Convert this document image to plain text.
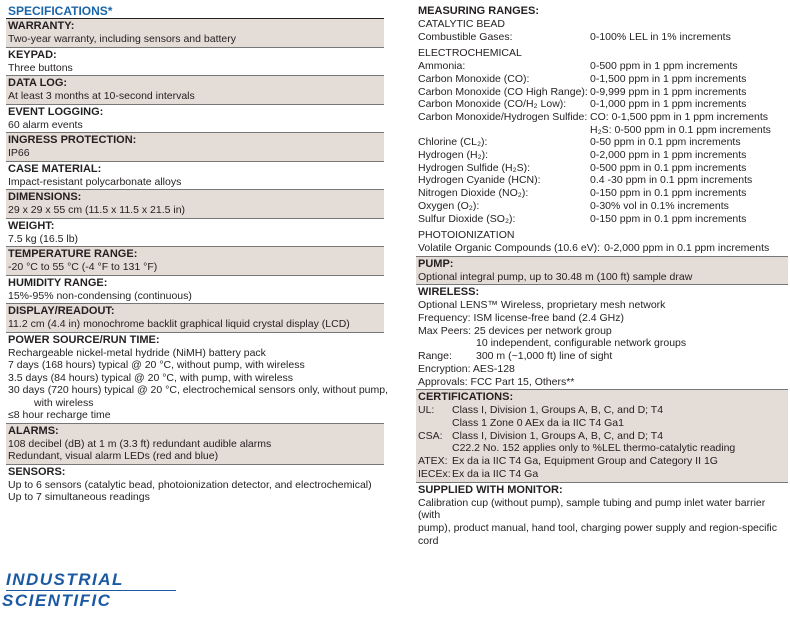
SPECIFICATIONS*
WARRANTY:
Two-year warranty, including sensors and battery
KEYPAD:
Three buttons
DATA LOG:
At least 3 months at 10-second intervals
EVENT LOGGING:
60 alarm events
INGRESS PROTECTION:
IP66
CASE MATERIAL:
Impact-resistant polycarbonate alloys
DIMENSIONS:
29 x 29 x 55 cm (11.5 x 11.5 x 21.5 in)
WEIGHT:
7.5 kg (16.5 lb)
TEMPERATURE RANGE:
-20 °C to 55 °C (-4 °F to 131 °F)
HUMIDITY RANGE:
15%-95% non-condensing (continuous)
DISPLAY/READOUT:
11.2 cm (4.4 in) monochrome backlit graphical liquid crystal display (LCD)
POWER SOURCE/RUN TIME:
Rechargeable nickel-metal hydride (NiMH) battery pack
7 days (168 hours) typical @ 20 °C, without pump, with wireless
3.5 days (84 hours) typical @ 20 °C, with pump, with wireless
30 days (720 hours) typical @ 20 °C, electrochemical sensors only, without pump,
with wireless
≤8 hour recharge time
ALARMS:
108 decibel (dB) at 1 m (3.3 ft) redundant audible alarms
Redundant, visual alarm LEDs (red and blue)
SENSORS:
Up to 6 sensors (catalytic bead, photoionization detector, and electrochemical)
Up to 7 simultaneous readings
MEASURING RANGES:
CATALYTIC BEAD
Combustible Gases:	0-100% LEL in 1% increments
ELECTROCHEMICAL
Ammonia:	0-500 ppm in 1 ppm increments
Carbon Monoxide (CO):	0-1,500 ppm in 1 ppm increments
Carbon Monoxide (CO High Range): 0-9,999 ppm in 1 ppm increments
Carbon Monoxide (CO/H₂ Low):	0-1,000 ppm in 1 ppm increments
Carbon Monoxide/Hydrogen Sulfide: CO: 0-1,500 ppm in 1 ppm increments
H₂S: 0-500 ppm in 0.1 ppm increments
Chlorine (CL₂):	0-50 ppm in 0.1 ppm increments
Hydrogen (H₂):	0-2,000 ppm in 1 ppm increments
Hydrogen Sulfide (H₂S):	0-500 ppm in 0.1 ppm increments
Hydrogen Cyanide (HCN):	0.4 -30 ppm in 0.1 ppm increments
Nitrogen Dioxide (NO₂):	0-150 ppm in 0.1 ppm increments
Oxygen (O₂):	0-30% vol in 0.1% increments
Sulfur Dioxide (SO₂):	0-150 ppm in 0.1 ppm increments
PHOTOIONIZATION
Volatile Organic Compounds (10.6 eV): 0-2,000 ppm in 0.1 ppm increments
PUMP:
Optional integral pump, up to 30.48 m (100 ft) sample draw
WIRELESS:
Optional LENS™ Wireless, proprietary mesh network
Frequency: ISM license-free band (2.4 GHz)
Max Peers: 25 devices per network group
10 independent, configurable network groups
Range:	300 m (~1,000 ft) line of sight
Encryption: AES-128
Approvals: FCC Part 15, Others**
CERTIFICATIONS:
UL:	Class I, Division 1, Groups A, B, C, and D; T4
Class 1 Zone 0 AEx da ia IIC T4 Ga1
CSA: Class I, Division 1, Groups A, B, C, and D; T4
C22.2 No. 152 applies only to %LEL thermo-catalytic reading
ATEX: Ex da ia IIC T4 Ga, Equipment Group and Category II 1G
IECEx: Ex da ia IIC T4 Ga
SUPPLIED WITH MONITOR:
Calibration cup (without pump), sample tubing and pump inlet water barrier (with
pump), product manual, hand tool, charging power supply and region-specific cord
INDUSTRIAL
SCIENTIFIC
